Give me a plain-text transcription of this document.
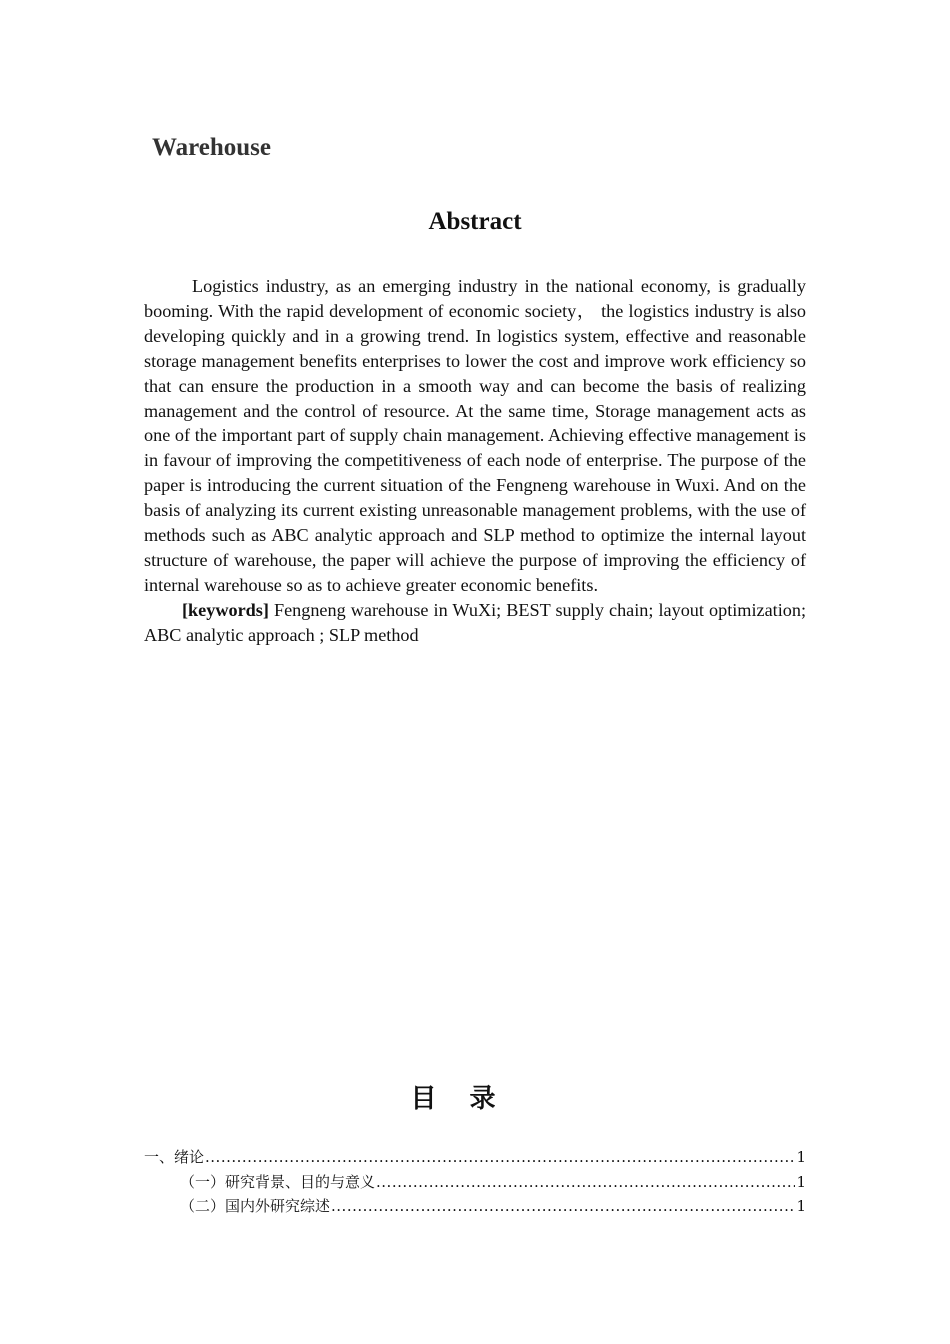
Warehouse
Abstract

Logistics industry, as an emerging industry in the national economy, is gradually booming. With the rapid development of economic society， the logistics industry is also developing quickly and in a growing trend. In logistics system, effective and reasonable storage management benefits enterprises to lower the cost and improve work efficiency so that can ensure the production in a smooth way and can become the basis of realizing management and the control of resource. At the same time, Storage management acts as one of the important part of supply chain management. Achieving effective management is in favour of improving the competitiveness of each node of enterprise. The purpose of the paper is introducing the current situation of the Fengneng warehouse in Wuxi. And on the basis of analyzing its current existing unreasonable management problems, with the use of methods such as ABC analytic approach and SLP method to optimize the internal layout structure of warehouse, the paper will achieve the purpose of improving the efficiency of internal warehouse so as to achieve greater economic benefits.

[keywords] Fengneng warehouse in WuXi; BEST supply chain; layout optimization; ABC analytic approach ; SLP method

目 录
一、绪论 .....	1
（一）研究背景、目的与意义 .....	1
（二）国内外研究综述 .....	1
